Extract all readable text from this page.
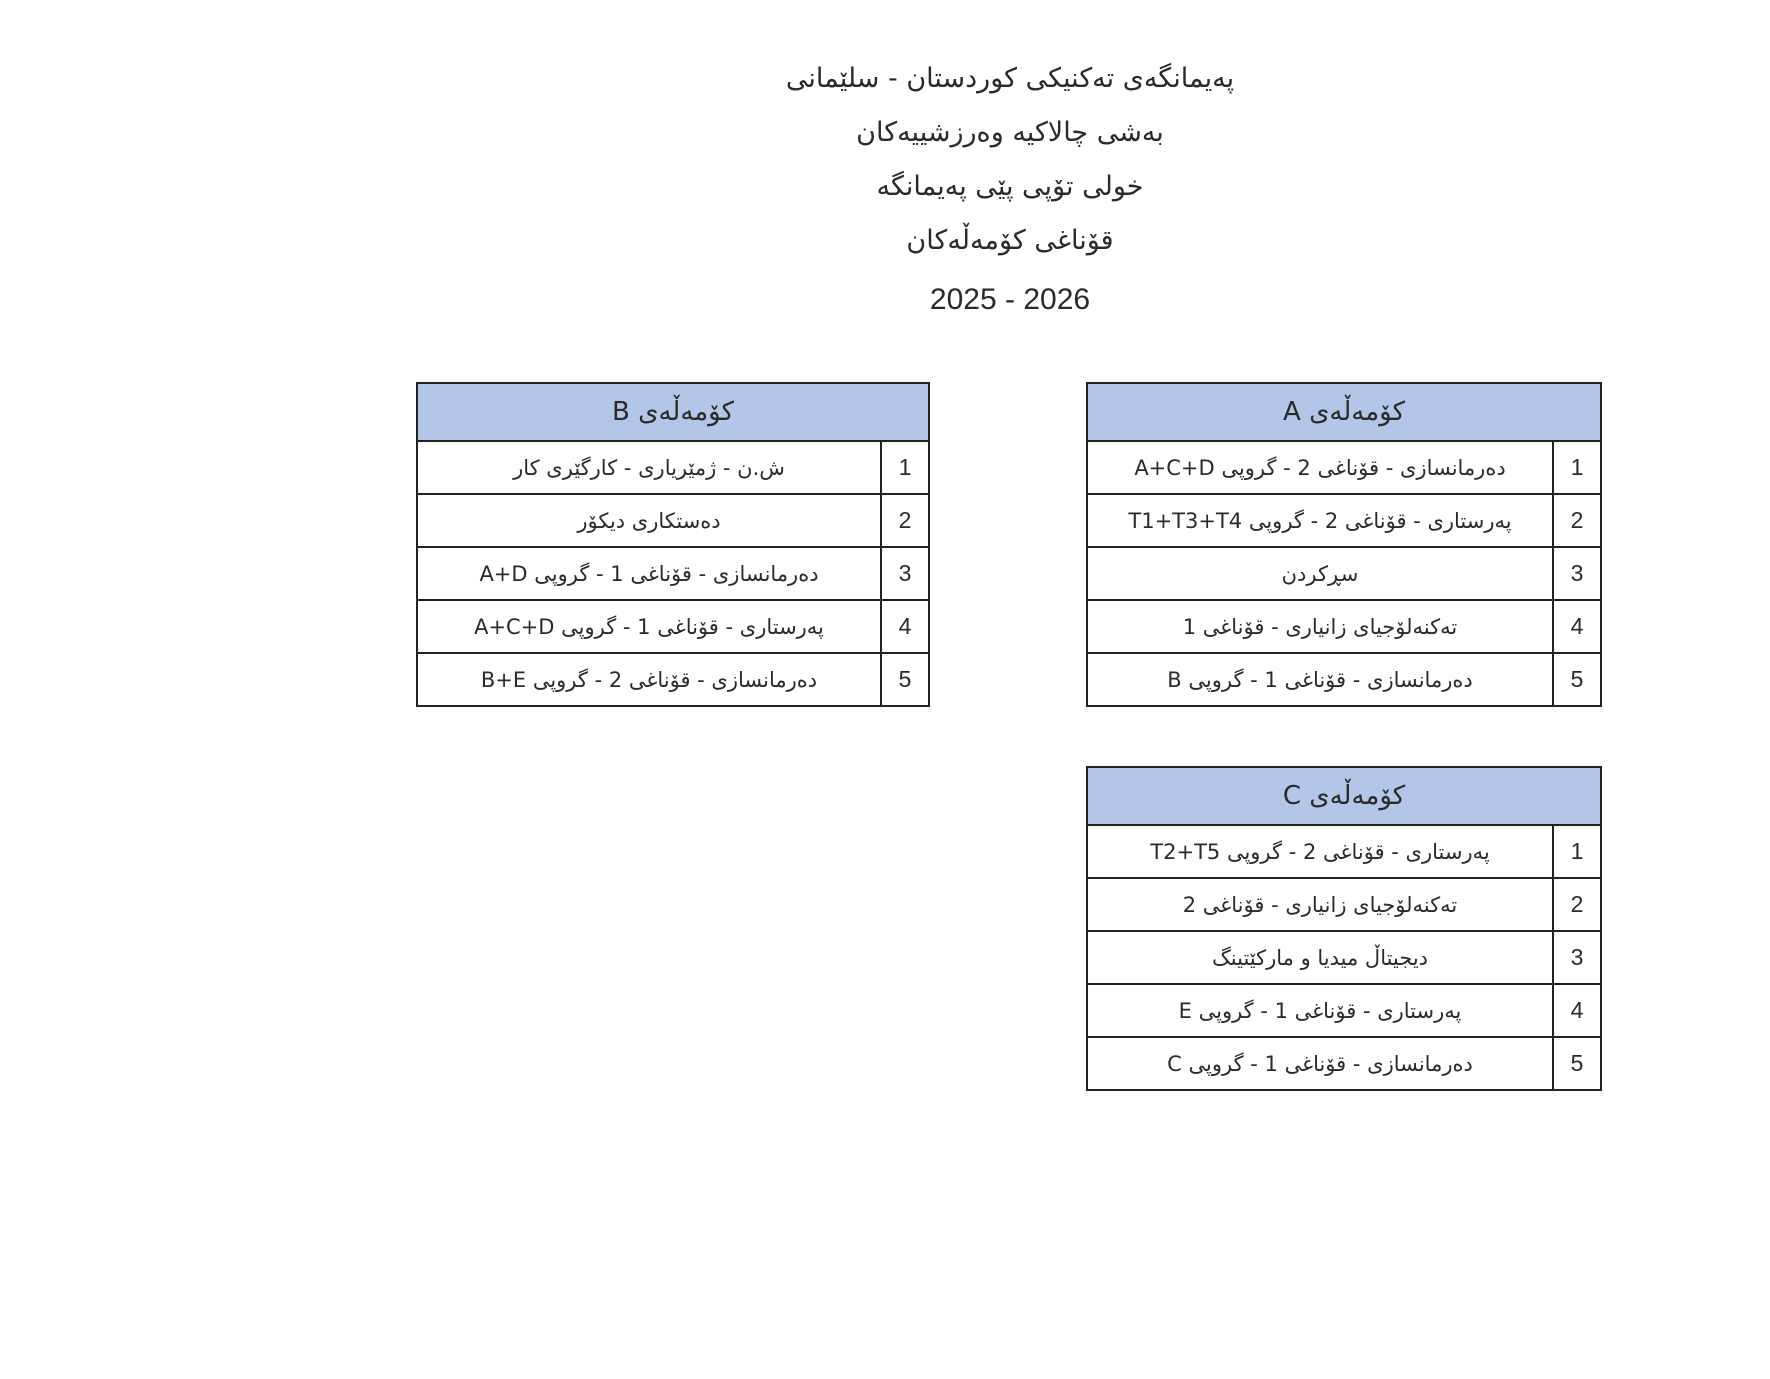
پەیمانگەی تەکنیکی کوردستان - سلێمانی
بەشی چالاکیە وەرزشییەکان
خولی تۆپی پێی پەیمانگە
قۆناغی کۆمەڵەکان
2025 - 2026
کۆمەڵەی A	
1	دەرمانسازی - قۆناغی 2 - گروپی A+C+D
2	پەرستاری - قۆناغی 2 - گروپی T1+T3+T4
3	سڕکردن
4	تەکنەلۆجیای زانیاری - قۆناغی 1
5	دەرمانسازی - قۆناغی 1 - گروپی B
کۆمەڵەی B	
1	ش.ن - ژمێریاری - کارگێری کار
2	دەستکاری دیکۆر
3	دەرمانسازی - قۆناغی 1 - گروپی A+D
4	پەرستاری - قۆناغی 1 - گروپی A+C+D
5	دەرمانسازی - قۆناغی 2 - گروپی B+E
کۆمەڵەی C	
1	پەرستاری - قۆناغی 2 - گروپی T2+T5
2	تەکنەلۆجیای زانیاری - قۆناغی 2
3	دیجیتاڵ میدیا و مارکێتینگ
4	پەرستاری - قۆناغی 1 - گروپی E
5	دەرمانسازی - قۆناغی 1 - گروپی C
